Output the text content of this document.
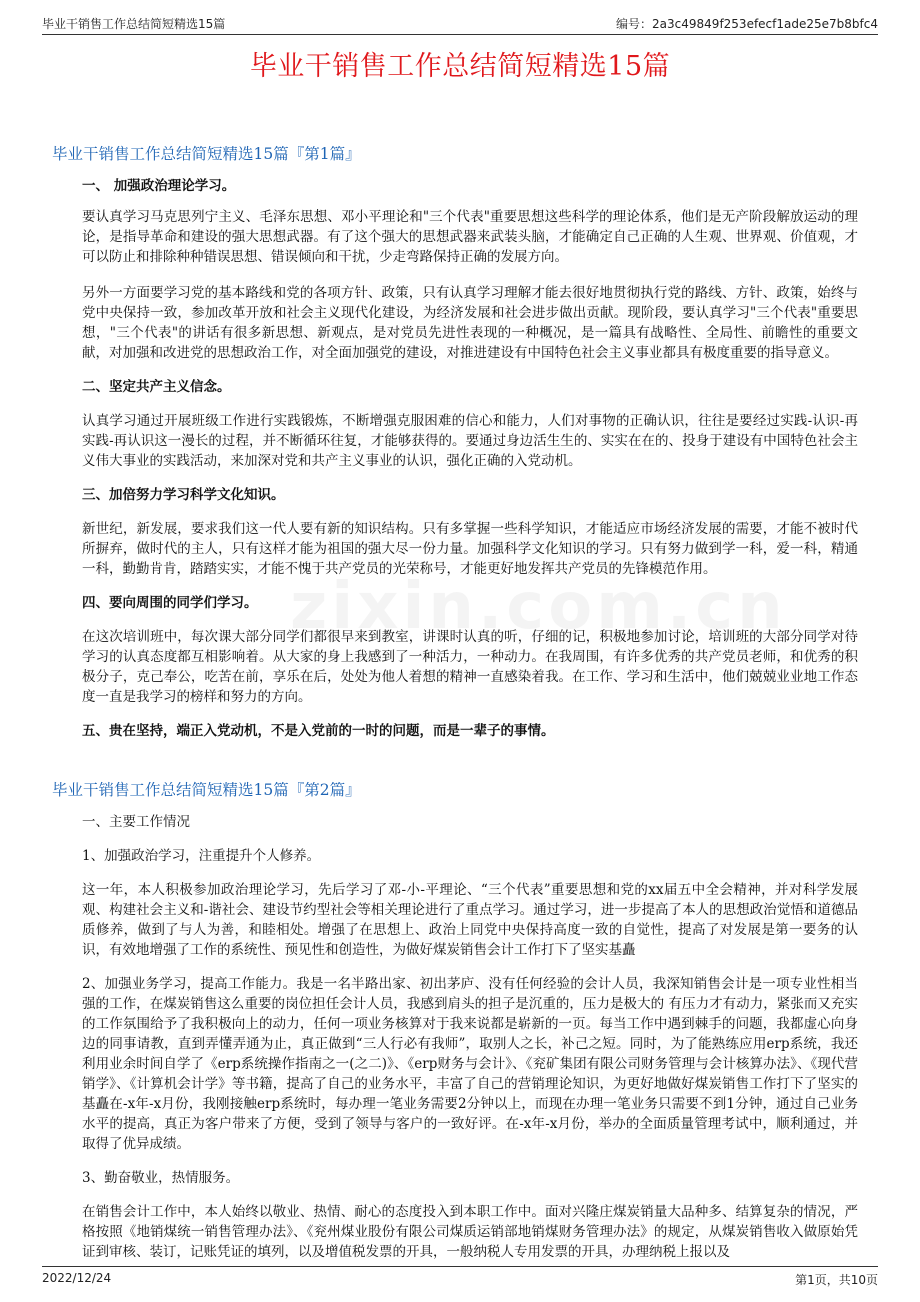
毕业干销售工作总结简短精选15篇	编号：2a3c49849f253efecf1ade25e7b8bfc4
毕业干销售工作总结简短精选15篇
毕业干销售工作总结简短精选15篇『第1篇』
一、 加强政治理论学习。

要认真学习马克思列宁主义、毛泽东思想、邓小平理论和"三个代表"重要思想这些科学的理论体系，他们是无产阶段解放运动的理论，是指导革命和建设的强大思想武器。有了这个强大的思想武器来武装头脑，才能确定自己正确的人生观、世界观、价值观，才可以防止和排除种种错误思想、错误倾向和干扰，少走弯路保持正确的发展方向。

另外一方面要学习党的基本路线和党的各项方针、政策，只有认真学习理解才能去很好地贯彻执行党的路线、方针、政策，始终与党中央保持一致，参加改革开放和社会主义现代化建设，为经济发展和社会进步做出贡献。现阶段，要认真学习"三个代表"重要思想，"三个代表"的讲话有很多新思想、新观点，是对党员先进性表现的一种概况，是一篇具有战略性、全局性、前瞻性的重要文献，对加强和改进党的思想政治工作，对全面加强党的建设，对推进建设有中国特色社会主义事业都具有极度重要的指导意义。

二、坚定共产主义信念。

认真学习通过开展班级工作进行实践锻炼，不断增强克服困难的信心和能力，人们对事物的正确认识，往往是要经过实践-认识-再实践-再认识这一漫长的过程，并不断循环往复，才能够获得的。要通过身边活生生的、实实在在的、投身于建设有中国特色社会主义伟大事业的实践活动，来加深对党和共产主义事业的认识，强化正确的入党动机。

三、加倍努力学习科学文化知识。

新世纪，新发展，要求我们这一代人要有新的知识结构。只有多掌握一些科学知识，才能适应市场经济发展的需要，才能不被时代所摒弃，做时代的主人，只有这样才能为祖国的强大尽一份力量。加强科学文化知识的学习。只有努力做到学一科，爱一科，精通一科，勤勤肯肯，踏踏实实，才能不愧于共产党员的光荣称号，才能更好地发挥共产党员的先锋模范作用。

四、要向周围的同学们学习。

在这次培训班中，每次课大部分同学们都很早来到教室，讲课时认真的听，仔细的记，积极地参加讨论，培训班的大部分同学对待学习的认真态度都互相影响着。从大家的身上我感到了一种活力，一种动力。在我周围，有许多优秀的共产党员老师，和优秀的积极分子，克己奉公，吃苦在前，享乐在后，处处为他人着想的精神一直感染着我。在工作、学习和生活中，他们兢兢业业地工作态度一直是我学习的榜样和努力的方向。

五、贵在坚持，端正入党动机，不是入党前的一时的问题，而是一辈子的事情。
毕业干销售工作总结简短精选15篇『第2篇』
一、主要工作情况
1、加强政治学习，注重提升个人修养。

这一年，本人积极参加政治理论学习，先后学习了邓-小-平理论、“三个代表”重要思想和党的xx届五中全会精神，并对科学发展观、构建社会主义和-谐社会、建设节约型社会等相关理论进行了重点学习。通过学习，进一步提高了本人的思想政治觉悟和道德品质修养，做到了与人为善，和睦相处。增强了在思想上、政治上同党中央保持高度一致的自觉性，提高了对发展是第一要务的认识，有效地增强了工作的系统性、预见性和创造性，为做好煤炭销售会计工作打下了坚实基矗

2、加强业务学习，提高工作能力。我是一名半路出家、初出茅庐、没有任何经验的会计人员，我深知销售会计是一项专业性相当强的工作，在煤炭销售这么重要的岗位担任会计人员，我感到肩头的担子是沉重的，压力是极大的 有压力才有动力，紧张而又充实的工作氛围给予了我积极向上的动力，任何一项业务核算对于我来说都是崭新的一页。每当工作中遇到棘手的问题，我都虚心向身边的同事请教，直到弄懂弄通为止，真正做到“三人行必有我师”，取别人之长，补己之短。同时，为了能熟练应用erp系统，我还利用业余时间自学了《erp系统操作指南之一(之二)》、《erp财务与会计》、《兖矿集团有限公司财务管理与会计核算办法》、《现代营销学》、《计算机会计学》等书籍，提高了自己的业务水平，丰富了自己的营销理论知识，为更好地做好煤炭销售工作打下了坚实的基矗在-x年-x月份，我刚接触erp系统时，每办理一笔业务需要2分钟以上，而现在办理一笔业务只需要不到1分钟，通过自己业务水平的提高，真正为客户带来了方便，受到了领导与客户的一致好评。在-x年-x月份，举办的全面质量管理考试中，顺利通过，并取得了优异成绩。

3、勤奋敬业，热情服务。

在销售会计工作中，本人始终以敬业、热情、耐心的态度投入到本职工作中。面对兴隆庄煤炭销量大品种多、结算复杂的情况，严格按照《地销煤统一销售管理办法》、《兖州煤业股份有限公司煤质运销部地销煤财务管理办法》的规定，从煤炭销售收入做原始凭证到审核、装订，记账凭证的填列，以及增值税发票的开具，一般纳税人专用发票的开具，办理纳税上报以及

2022/12/24	第1页，共10页
